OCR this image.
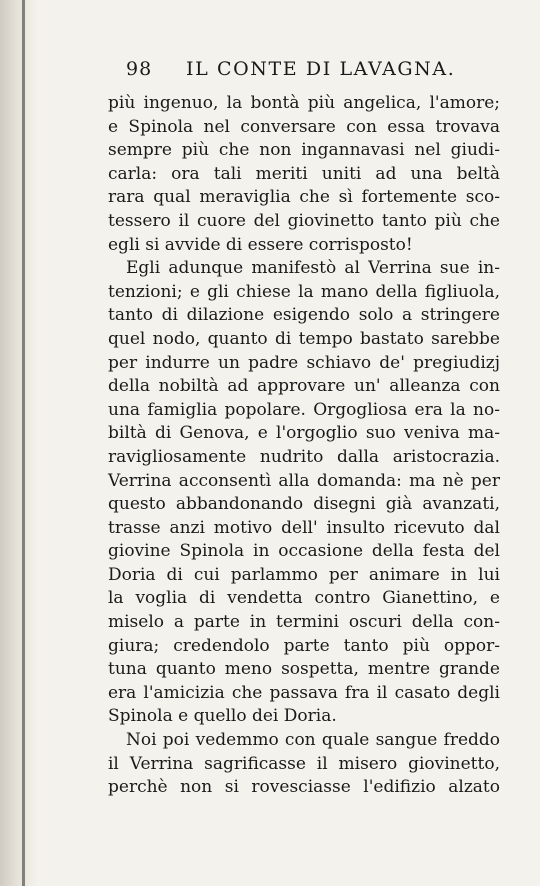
98	IL CONTE DI LAVAGNA.
più ingenuo, la bontà più angelica, l'amore;
e Spinola nel conversare con essa trovava
sempre più che non ingannavasi nel giudi-
carla: ora tali meriti uniti ad una beltà
rara qual meraviglia che sì fortemente sco-
tessero il cuore del giovinetto tanto più che
egli si avvide di essere corrisposto!
Egli adunque manifestò al Verrina sue in-
tenzioni; e gli chiese la mano della figliuola,
tanto di dilazione esigendo solo a stringere
quel nodo, quanto di tempo bastato sarebbe
per indurre un padre schiavo de' pregiudizj
della nobiltà ad approvare un' alleanza con
una famiglia popolare. Orgogliosa era la no-
biltà di Genova, e l'orgoglio suo veniva ma-
ravigliosamente nudrito dalla aristocrazia.
Verrina acconsentì alla domanda: ma nè per
questo abbandonando disegni già avanzati,
trasse anzi motivo dell' insulto ricevuto dal
giovine Spinola in occasione della festa del
Doria di cui parlammo per animare in lui
la voglia di vendetta contro Gianettino, e
miselo a parte in termini oscuri della con-
giura; credendolo parte tanto più oppor-
tuna quanto meno sospetta, mentre grande
era l'amicizia che passava fra il casato degli
Spinola e quello dei Doria.
Noi poi vedemmo con quale sangue freddo
il Verrina sagrificasse il misero giovinetto,
perchè non si rovesciasse l'edifizio alzato
